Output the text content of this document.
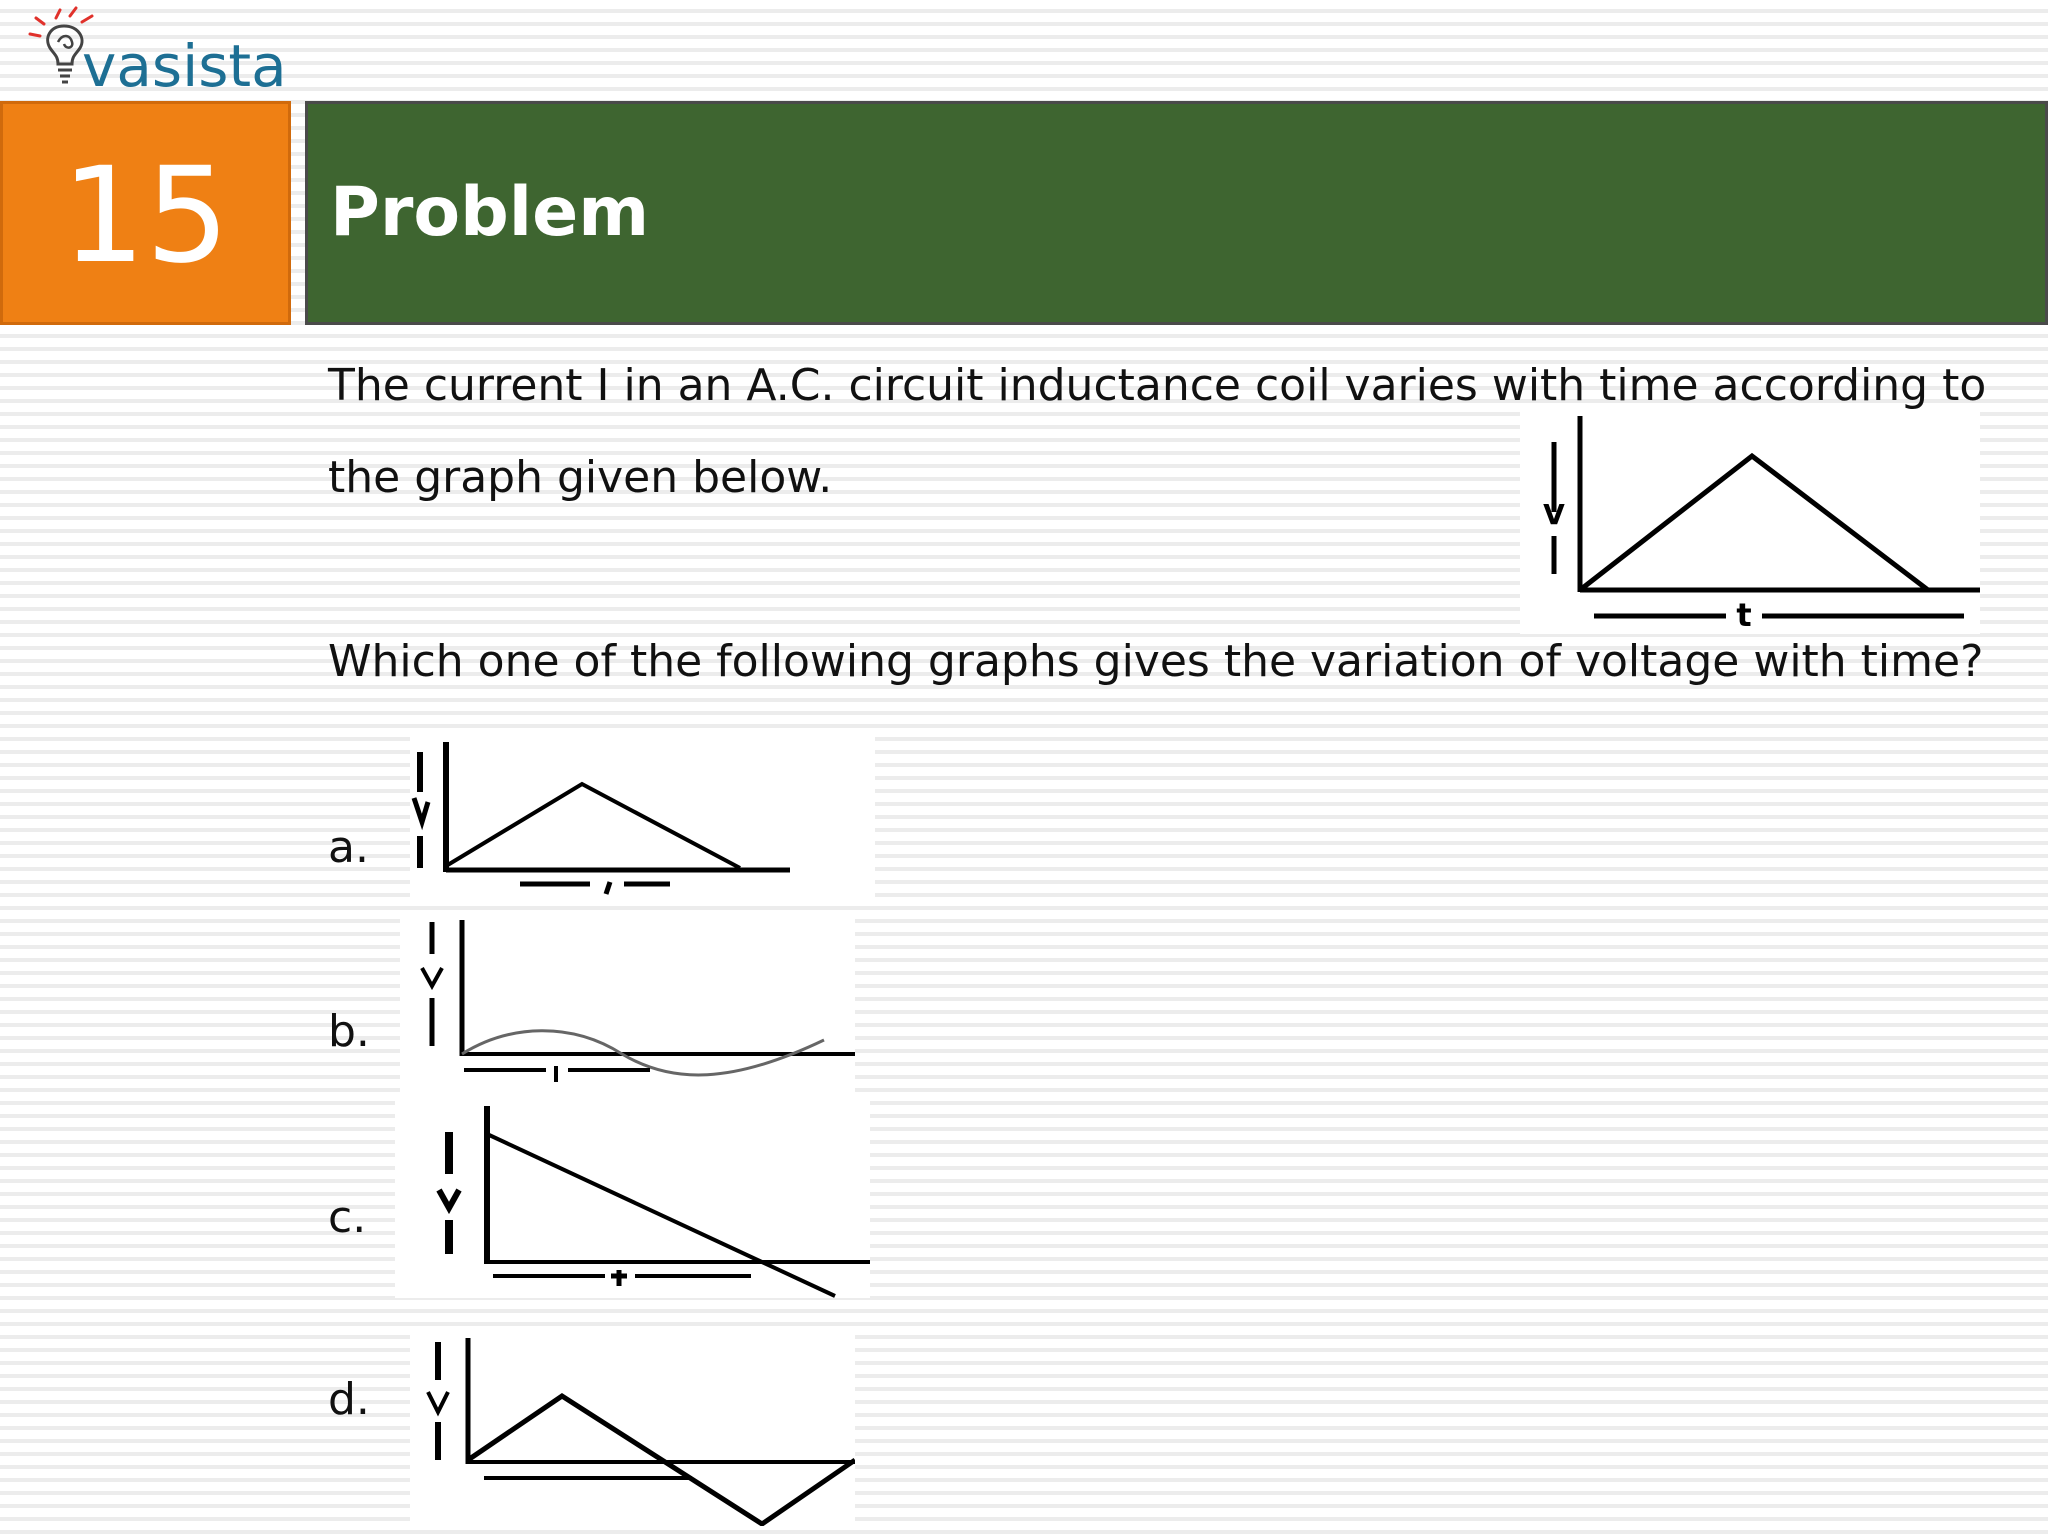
vasista
15	Problem
The current I in an A.C. circuit inductance coil varies with time according to
the graph given below.
V
t
Which one of the following graphs gives the variation of voltage with time?
a.
b.
c.
d.
